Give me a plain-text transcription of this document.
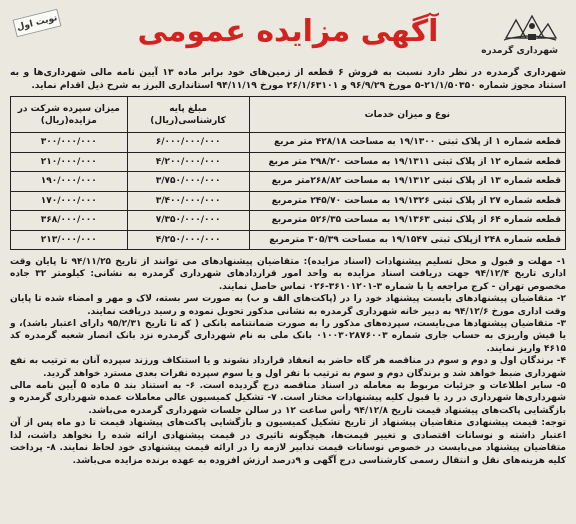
شهرداری گرمدره
آگهی مزایده عمومی
نوبت اول

شهرداری گرمدره در نظر دارد نسبت به فروش ۶ قطعه از زمین‌های خود برابر ماده ۱۳ آیین نامه مالی شهرداری‌ها و به استناد مجوز شماره ۲۱/۱/۵۰۳۵۰-۵ مورخ ۹۶/۹/۲۹ و ۲۶/۱/۶۳۱۰۱ مورخ ۹۴/۱۱/۱۹ استانداری البرز به شرح ذیل اقدام نماید.

نوع و میزان خدمات	مبلغ پایه کارشناسی(ریال)	میزان سپرده شرکت در مزایده(ریال)
قطعه شماره ۱ از پلاک ثبتی ۱۹/۱۳۰۰ به مساحت ۴۲۸/۱۸ متر مربع	۶/۰۰۰/۰۰۰/۰۰۰	۳۰۰/۰۰۰/۰۰۰
قطعه شماره ۱۲ از پلاک ثبتی ۱۹/۱۳۱۱ به مساحت ۲۹۸/۲۰ متر مربع	۴/۲۰۰/۰۰۰/۰۰۰	۲۱۰/۰۰۰/۰۰۰
قطعه شماره ۱۳ از پلاک ثبتی ۱۹/۱۳۱۲ به مساحت ۲۶۸/۸۲متر مربع	۳/۷۵۰/۰۰۰/۰۰۰	۱۹۰/۰۰۰/۰۰۰
قطعه شماره ۲۷ از پلاک ثبتی ۱۹/۱۳۲۶ به مساحت ۲۴۵/۷۰ مترمربع	۳/۴۰۰/۰۰۰/۰۰۰	۱۷۰/۰۰۰/۰۰۰
قطعه شماره ۶۴ از پلاک ثبتی ۱۹/۱۳۶۳ به مساحت ۵۲۶/۳۵ مترمربع	۷/۳۵۰/۰۰۰/۰۰۰	۳۶۸/۰۰۰/۰۰۰
قطعه شماره ۲۴۸ ازپلاک ثبتی ۱۹/۱۵۴۷ به مساحت ۳۰۵/۳۹ مترمربع	۴/۲۵۰/۰۰۰/۰۰۰	۲۱۳/۰۰۰/۰۰۰

۱- مهلت و قبول و محل تسلیم پیشنهادات (اسناد مزایده): متقاضیان پیشنهادهای می توانند از تاریخ ۹۴/۱۱/۲۵ تا پایان وقت اداری تاریخ ۹۴/۱۲/۴ جهت دریافت اسناد مزایده به واحد امور قراردادهای شهرداری گرمدره به نشانی: کیلومتر ۳۲ جاده مخصوص تهران - کرج مراجعه یا با شماره ۳-۳۶۱۰۱۲۰۱-۰۲۶ تماس حاصل نمایند.

۲- متقاضیان پیشنهادهای بایست پیشنهاد خود را در (پاکت‌های الف و ب) به صورت سر بسته، لاک و مهر و امضاء شده تا پایان وقت اداری مورخ ۹۴/۱۲/۶ به دبیر خانه شهرداری گرمدره به نشانی مذکور تحویل نموده و رسید دریافت نمایند.

۳- متقاضیان پیشنهادها می‌بایست، سپرده‌های مذکور را به صورت ضمانتنامه بانکی ( که تا تاریخ ۹۵/۲/۳۱ دارای اعتبار باشد)، و یا فیش واریزی به حساب جاری شماره ۰۱۰۰۳۰۲۸۷۶۰۰۳ بانک ملی به نام شهرداری گرمدره نزد بانک انصار شعبه گرمدره کد ۴۶۱۵ واریز نمایند.

۴- برندگان اول و دوم و سوم در مناقصه هر گاه حاضر به انعقاد قرارداد نشوند و یا استنکاف ورزند سپرده آنان به ترتیب به نفع شهرداری ضبط خواهد شد و برندگان دوم و سوم به ترتیب با نفر اول و یا سوم سپرده نفرات بعدی مسترد خواهد گردید.

۵- سایر اطلاعات و جزئیات مربوط به معامله در اسناد مناقصه درج گردیده است. ۶- به استناد بند ۵ ماده ۵ آیین نامه مالی شهرداری‌ها شهرداری در رد یا قبول کلیه پیشنهادات مختار است. ۷- تشکیل کمیسیون عالی معاملات عمده شهرداری گرمدره و بازگشایی پاکت‌های پیشنهاد قیمت تاریخ ۹۴/۱۲/۸ رأس ساعت ۱۲ در سالن جلسات شهرداری گرمدره می‌باشد.

توجه: قیمت پیشنهادی متقاضیان پیشنهاد از تاریخ تشکیل کمیسیون و بازگشایی پاکت‌های پیشنهاد قیمت تا دو ماه پس از آن اعتبار داشته و نوسانات اقتصادی و تغییر قیمت‌ها، هیچگونه تاثیری در قیمت پیشنهادی ارائه شده را نخواهد داشت، لذا متقاضیان پیشنهاد می‌بایست در خصوص نوسانات قیمت تدابیر لازمه را در ارائه قیمت پیشنهادی خود لحاظ نمایند. ۸- پرداخت کلیه هزینه‌های نقل و انتقال رسمی کارشناسی درج آگهی و ۹درصد ارزش افزوده به عهده برنده مزایده می‌باشد.
